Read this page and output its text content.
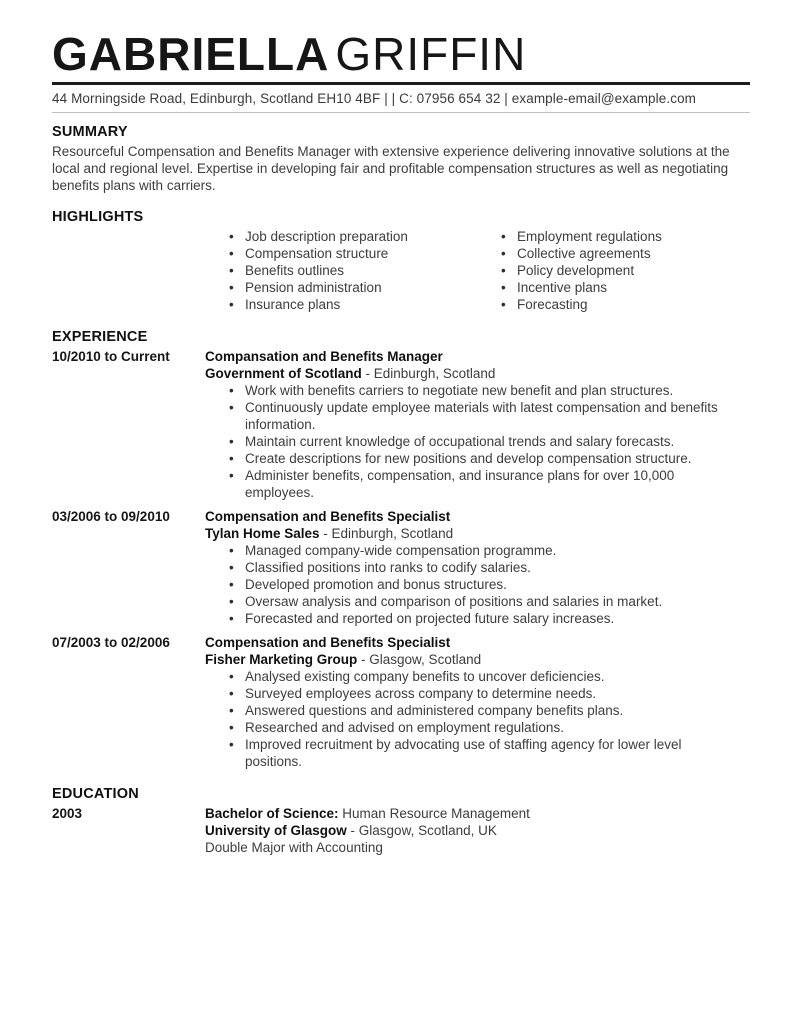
GABRIELLA GRIFFIN
44 Morningside Road, Edinburgh, Scotland EH10 4BF | | C: 07956 654 32 | example-email@example.com
SUMMARY
Resourceful Compensation and Benefits Manager with extensive experience delivering innovative solutions at the local and regional level. Expertise in developing fair and profitable compensation structures as well as negotiating benefits plans with carriers.
HIGHLIGHTS
• Job description preparation
• Compensation structure
• Benefits outlines
• Pension administration
• Insurance plans
• Employment regulations
• Collective agreements
• Policy development
• Incentive plans
• Forecasting
EXPERIENCE
10/2010 to Current	Compansation and Benefits Manager
Government of Scotland - Edinburgh, Scotland
• Work with benefits carriers to negotiate new benefit and plan structures.
• Continuously update employee materials with latest compensation and benefits information.
• Maintain current knowledge of occupational trends and salary forecasts.
• Create descriptions for new positions and develop compensation structure.
• Administer benefits, compensation, and insurance plans for over 10,000 employees.
03/2006 to 09/2010	Compensation and Benefits Specialist
Tylan Home Sales - Edinburgh, Scotland
• Managed company-wide compensation programme.
• Classified positions into ranks to codify salaries.
• Developed promotion and bonus structures.
• Oversaw analysis and comparison of positions and salaries in market.
• Forecasted and reported on projected future salary increases.
07/2003 to 02/2006	Compensation and Benefits Specialist
Fisher Marketing Group - Glasgow, Scotland
• Analysed existing company benefits to uncover deficiencies.
• Surveyed employees across company to determine needs.
• Answered questions and administered company benefits plans.
• Researched and advised on employment regulations.
• Improved recruitment by advocating use of staffing agency for lower level positions.
EDUCATION
2003	Bachelor of Science: Human Resource Management
University of Glasgow - Glasgow, Scotland, UK
Double Major with Accounting
